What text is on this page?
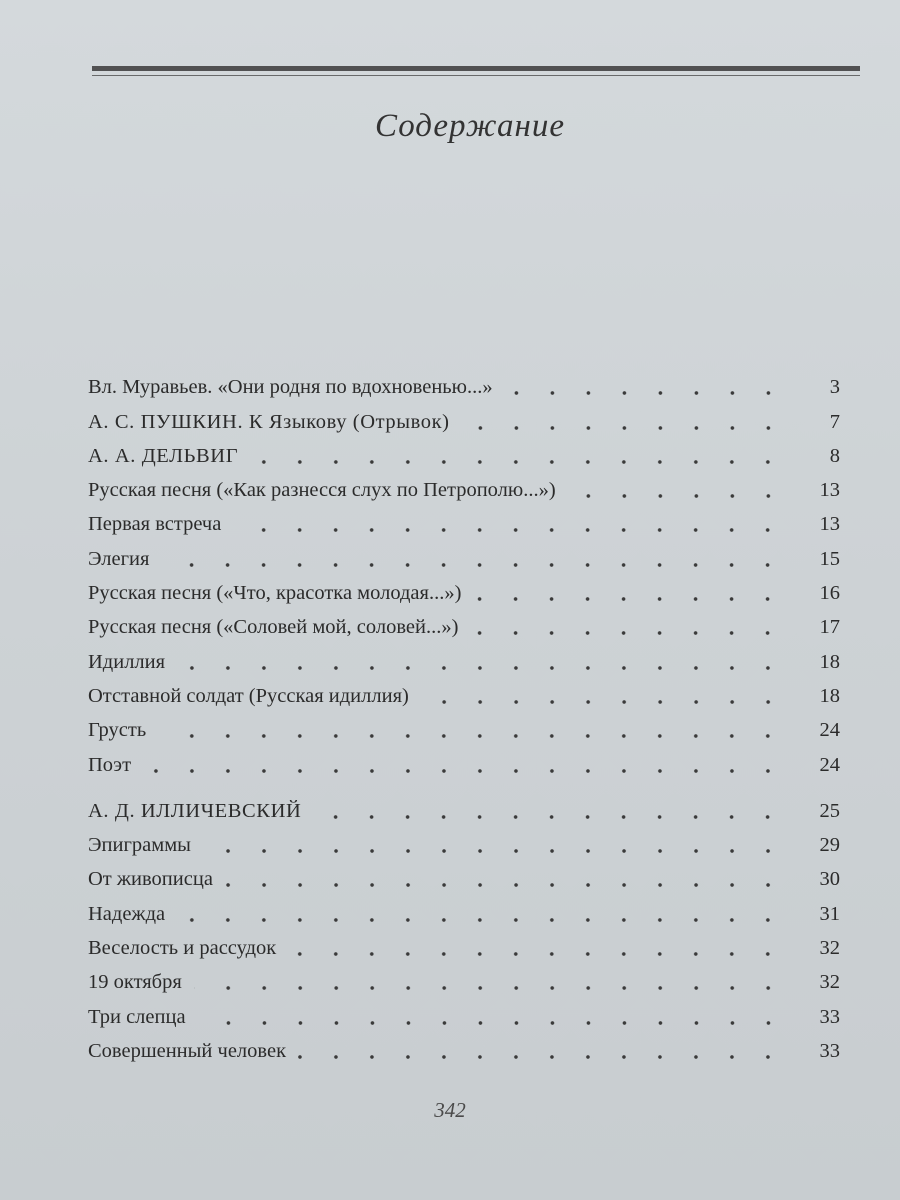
Содержание
Вл. Муравьев. «Они родня по вдохновенью...»	3
А. С. ПУШКИН. К Языкову (Отрывок)	7
А. А. ДЕЛЬВИГ	8
Русская песня («Как разнесся слух по Петрополю...»)	13
Первая встреча	13
Элегия	15
Русская песня («Что, красотка молодая...»)	16
Русская песня («Соловей мой, соловей...»)	17
Идиллия	18
Отставной солдат (Русская идиллия)	18
Грусть	24
Поэт	24
А. Д. ИЛЛИЧЕВСКИЙ	25
Эпиграммы	29
От живописца	30
Надежда	31
Веселость и рассудок	32
19 октября	32
Три слепца	33
Совершенный человек	33
342
